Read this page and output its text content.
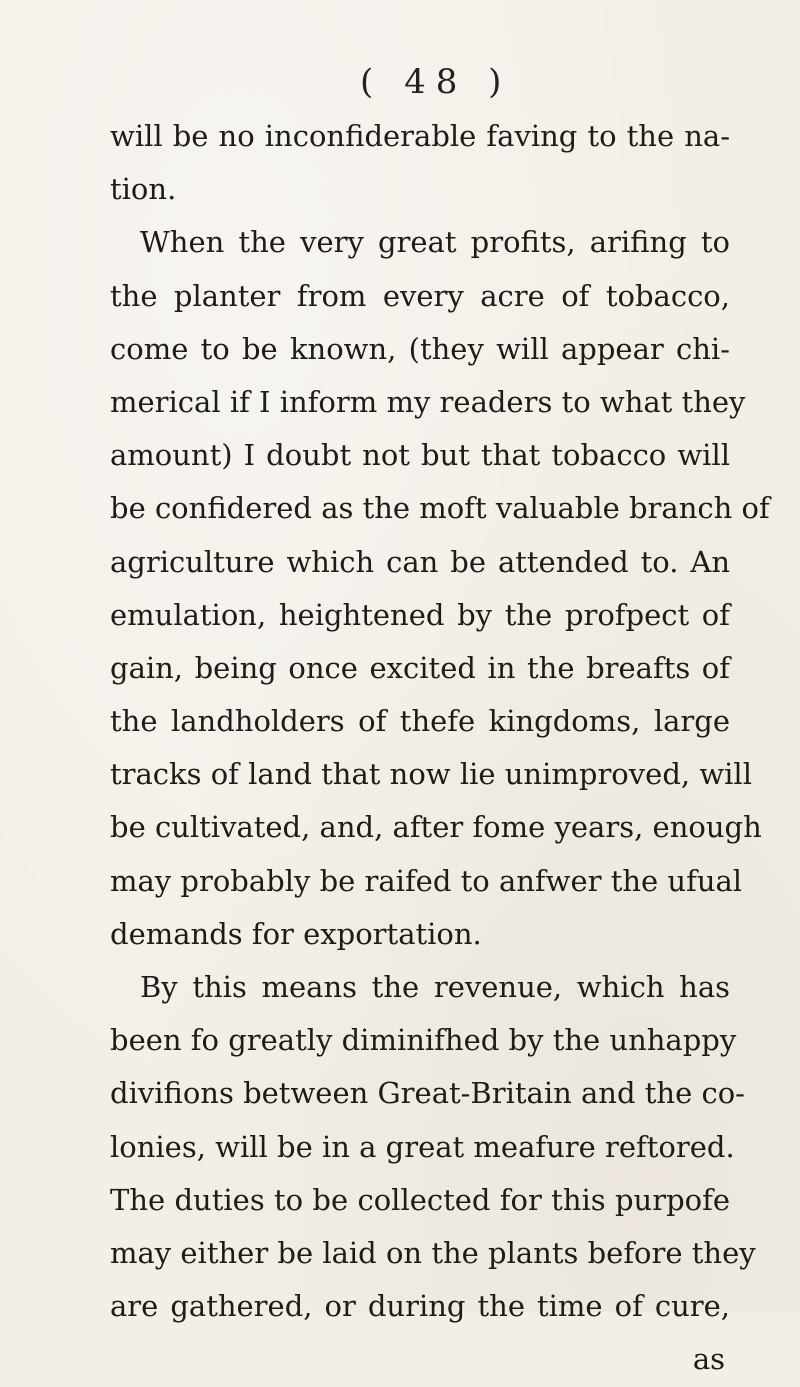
( 48 )
will be no inconfiderable faving to the na-
tion.
When the very great profits, arifing to
the planter from every acre of tobacco,
come to be known, (they will appear chi-
merical if I inform my readers to what they
amount) I doubt not but that tobacco will
be confidered as the moft valuable branch of
agriculture which can be attended to. An
emulation, heightened by the profpect of
gain, being once excited in the breafts of
the landholders of thefe kingdoms, large
tracks of land that now lie unimproved, will
be cultivated, and, after fome years, enough
may probably be raifed to anfwer the ufual
demands for exportation.
By this means the revenue, which has
been fo greatly diminifhed by the unhappy
divifions between Great-Britain and the co-
lonies, will be in a great meafure reftored.
The duties to be collected for this purpofe
may either be laid on the plants before they
are gathered, or during the time of cure,
as
